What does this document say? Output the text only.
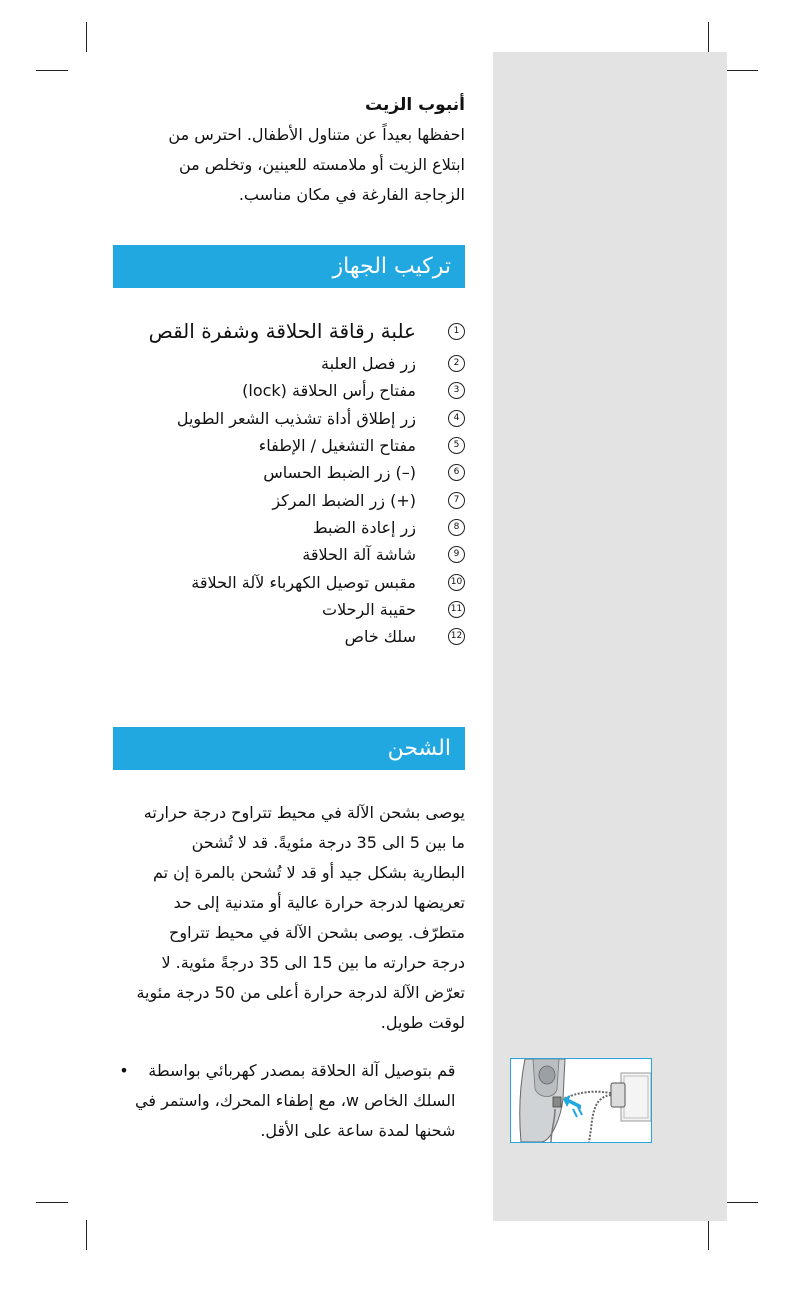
أنبوب الزيت
احفظها بعيداً عن متناول الأطفال. احترس من
ابتلاع الزيت أو ملامسته للعينين، وتخلص من
الزجاجة الفارغة في مكان مناسب.
تركيب الجهاز
1
علبة رقاقة الحلاقة وشفرة القص
2
زر فصل العلبة
3
مفتاح رأس الحلاقة (lock)
4
زر إطلاق أداة تشذيب الشعر الطويل
5
مفتاح التشغيل / الإطفاء
6
(–) زر الضبط الحساس
7
(+) زر الضبط المركز
8
زر إعادة الضبط
9
شاشة آلة الحلاقة
10
مقبس توصيل الكهرباء لآلة الحلاقة
11
حقيبة الرحلات
12
سلك خاص
الشحن
يوصى بشحن الآلة في محيط تتراوح درجة حرارته
ما بين 5 الى 35 درجة مئويةً. قد لا تُشحن
البطارية بشكل جيد أو قد لا تُشحن بالمرة إن تم
تعريضها لدرجة حرارة عالية أو متدنية إلى حد
متطرّف. يوصى بشحن الآلة في محيط تتراوح
درجة حرارته ما بين 15 الى 35 درجةً مئوية. لا
تعرّض الآلة لدرجة حرارة أعلى من 50 درجة مئوية
لوقت طويل.
•	قم بتوصيل آلة الحلاقة بمصدر كهربائي بواسطة
السلك الخاص w، مع إطفاء المحرك، واستمر في
شحنها لمدة ساعة على الأقل.
